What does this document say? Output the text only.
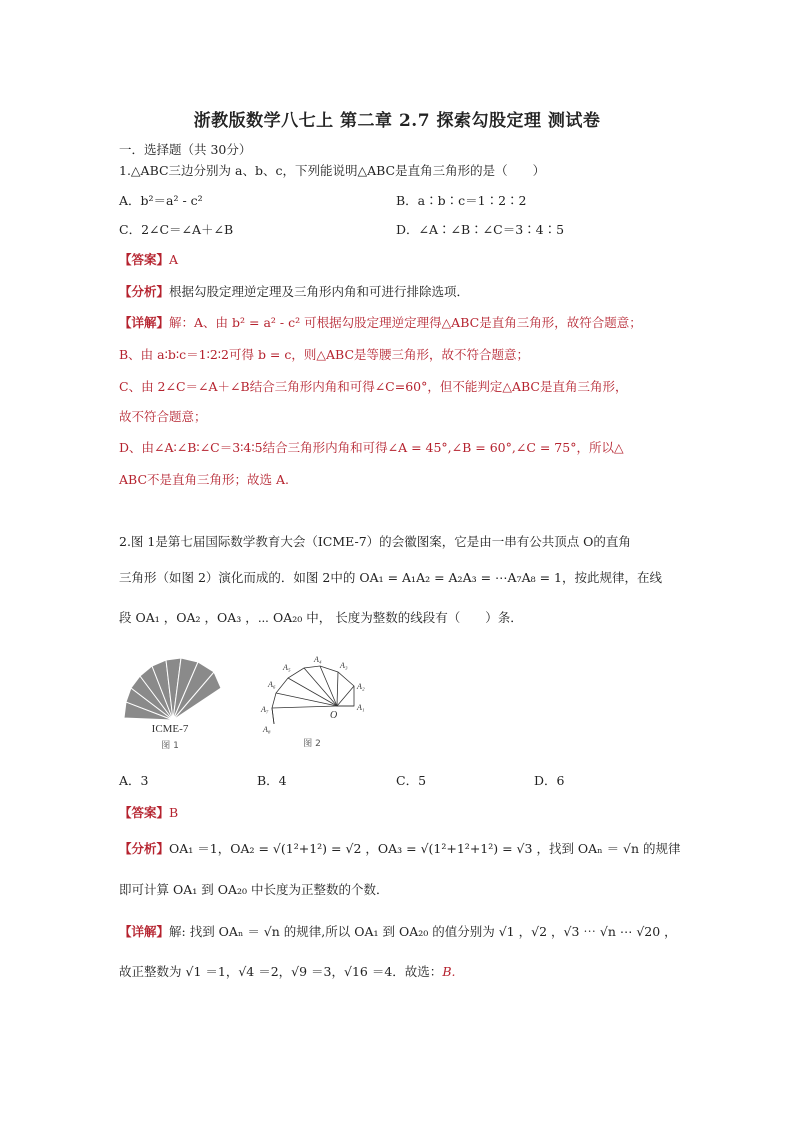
浙教版数学八七上 第二章 2.7 探索勾股定理 测试卷
一．选择题（共 30分）
1.△ABC三边分别为 a、b、c，下列能说明△ABC是直角三角形的是（　　）
A．b²＝a² - c²	B．a∶b∶c＝1∶2∶2
C．2∠C＝∠A＋∠B	D．∠A∶∠B∶∠C＝3∶4∶5
【答案】A
【分析】根据勾股定理逆定理及三角形内角和可进行排除选项．
【详解】解：A、由 b² = a² - c² 可根据勾股定理逆定理得△ABC是直角三角形，故符合题意；
B、由 a∶b∶c＝1∶2∶2可得 b = c，则△ABC是等腰三角形，故不符合题意；
C、由 2∠C＝∠A＋∠B结合三角形内角和可得∠C=60°，但不能判定△ABC是直角三角形，
故不符合题意；
D、由∠A∶∠B∶∠C＝3∶4∶5结合三角形内角和可得∠A = 45°,∠B = 60°,∠C = 75°，所以△
ABC不是直角三角形；故选 A.
2.图 1是第七届国际数学教育大会（ICME-7）的会徽图案，它是由一串有公共顶点 O的直角
三角形（如图 2）演化而成的．如图 2中的 OA₁ = A₁A₂ = A₂A₃ = ⋯A₇A₈ = 1，按此规律，在线
段 OA₁ ，OA₂ ，OA₃ ，⋯ OA₂₀ 中， 长度为整数的线段有（　　）条．
ICME-7
图 1
A₁
A₂
A₃
A₄
A₅
A₆
A₇
A₈
O
图 2
A．3	B．4	C．5	D．6
【答案】B
【分析】OA₁ ＝1，OA₂ = √(1²+1²) = √2 ，OA₃ = √(1²+1²+1²) = √3 ，找到 OAₙ ＝ √n 的规律
即可计算 OA₁ 到 OA₂₀ 中长度为正整数的个数．
【详解】解: 找到 OAₙ ＝ √n 的规律,所以 OA₁ 到 OA₂₀ 的值分别为 √1 ，√2 ，√3 ⋯ √n ⋯ √20 ，
故正整数为 √1 ＝1，√4 ＝2，√9 ＝3，√16 ＝4．故选：B.
